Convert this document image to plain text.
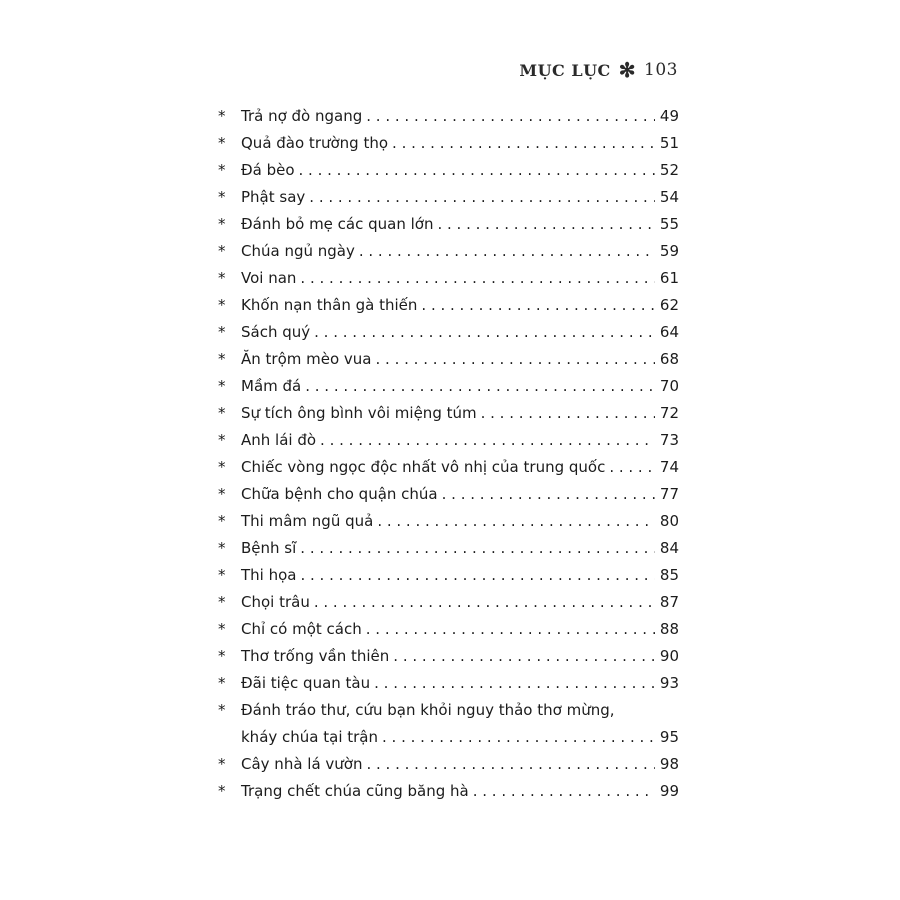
MỤC LỤC ✻ 103
* Trả nợ đò ngang . . .	49
* Quả đào trường thọ . . .	51
* Đá bèo . . .	52
* Phật say . . .	54
* Đánh bỏ mẹ các quan lớn . . .	55
* Chúa ngủ ngày . . .	59
* Voi nan . . .	61
* Khốn nạn thân gà thiến . . .	62
* Sách quý . . .	64
* Ăn trộm mèo vua . . .	68
* Mầm đá . . .	70
* Sự tích ông bình vôi miệng túm . . .	72
* Anh lái đò . . .	73
* Chiếc vòng ngọc độc nhất vô nhị của trung quốc . . .	74
* Chữa bệnh cho quận chúa . . .	77
* Thi mâm ngũ quả . . .	80
* Bệnh sĩ . . .	84
* Thi họa . . .	85
* Chọi trâu . . .	87
* Chỉ có một cách . . .	88
* Thơ trống vần thiên . . .	90
* Đãi tiệc quan tàu . . .	93
* Đánh tráo thư, cứu bạn khỏi nguy thảo thơ mừng,
kháy chúa tại trận . . .	95
* Cây nhà lá vườn . . .	98
* Trạng chết chúa cũng băng hà . . .	99
